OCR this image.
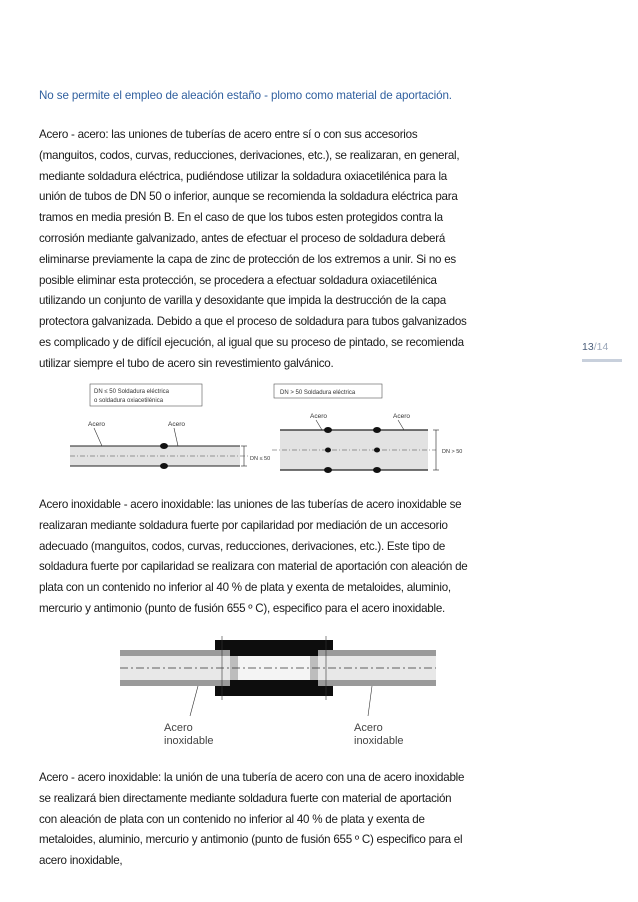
No se permite el empleo de aleación estaño - plomo como material de aportación.

Acero - acero: las uniones de tuberías de acero entre sí o con sus accesorios (manguitos, codos, curvas, reducciones, derivaciones, etc.), se realizaran, en general, mediante soldadura eléctrica, pudiéndose utilizar la soldadura oxiacetilénica para la unión de tubos de DN 50 o inferior, aunque se recomienda la soldadura eléctrica para tramos en media presión B. En el caso de que los tubos esten protegidos contra la corrosión mediante galvanizado, antes de efectuar el proceso de soldadura deberá eliminarse previamente la capa de zinc de protección de los extremos a unir. Si no es posible eliminar esta protección, se procedera a efectuar soldadura oxiacetilénica utilizando un conjunto de varilla y desoxidante que impida la destrucción de la capa protectora galvanizada. Debido a que el proceso de soldadura para tubos galvanizados es complicado y de difícil ejecución, al igual que su proceso de pintado, se recomienda utilizar siempre el tubo de acero sin revestimiento galvánico.

DN ≤ 50 Soldadura eléctrica
o soldadura oxiacetilénica
Acero	Acero
DN ≤ 50
DN > 50 Soldadura eléctrica
Acero	Acero
DN > 50

Acero inoxidable - acero inoxidable: las uniones de las tuberías de acero inoxidable se realizaran mediante soldadura fuerte por capilaridad por mediación de un accesorio adecuado (manguitos, codos, curvas, reducciones, derivaciones, etc.). Este tipo de soldadura fuerte por capilaridad se realizara con material de aportación con aleación de plata con un contenido no inferior al 40 % de plata y exenta de metaloides, aluminio, mercurio y antimonio (punto de fusión 655 º C), especifico para el acero inoxidable.

Acero
inoxidable
Acero
inoxidable

Acero - acero inoxidable: la unión de una tubería de acero con una de acero inoxidable se realizará bien directamente mediante soldadura fuerte con material de aportación con aleación de plata con un contenido no inferior al 40 % de plata y exenta de metaloides, aluminio, mercurio y antimonio (punto de fusión 655 º C) especifico para el acero inoxidable,

13/14
